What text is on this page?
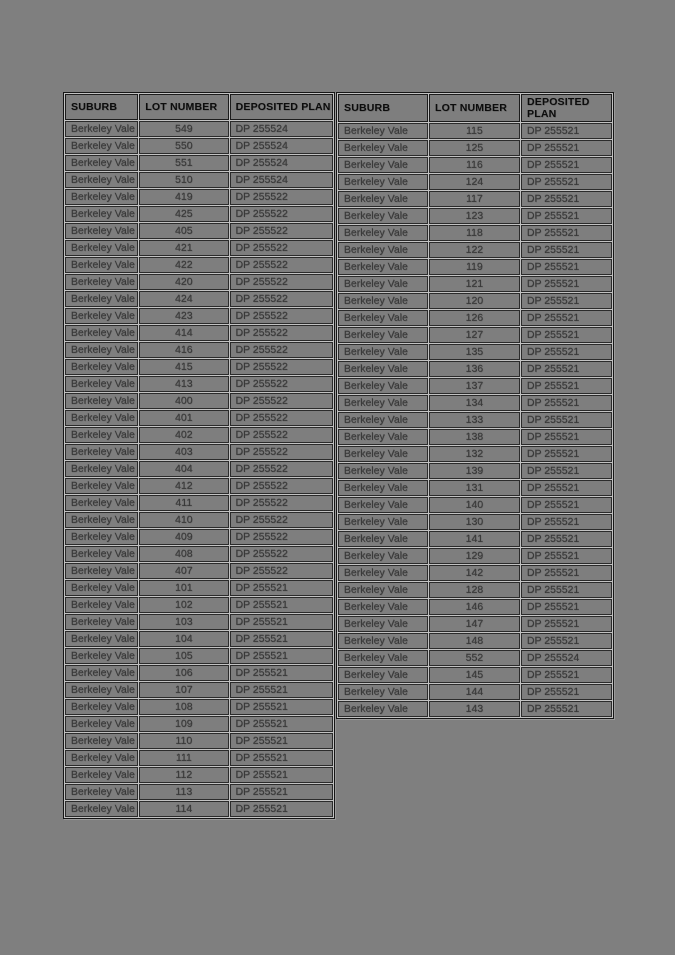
SUBURB	LOT NUMBER	DEPOSITED PLAN
Berkeley Vale	549	DP 255524
Berkeley Vale	550	DP 255524
Berkeley Vale	551	DP 255524
Berkeley Vale	510	DP 255524
Berkeley Vale	419	DP 255522
Berkeley Vale	425	DP 255522
Berkeley Vale	405	DP 255522
Berkeley Vale	421	DP 255522
Berkeley Vale	422	DP 255522
Berkeley Vale	420	DP 255522
Berkeley Vale	424	DP 255522
Berkeley Vale	423	DP 255522
Berkeley Vale	414	DP 255522
Berkeley Vale	416	DP 255522
Berkeley Vale	415	DP 255522
Berkeley Vale	413	DP 255522
Berkeley Vale	400	DP 255522
Berkeley Vale	401	DP 255522
Berkeley Vale	402	DP 255522
Berkeley Vale	403	DP 255522
Berkeley Vale	404	DP 255522
Berkeley Vale	412	DP 255522
Berkeley Vale	411	DP 255522
Berkeley Vale	410	DP 255522
Berkeley Vale	409	DP 255522
Berkeley Vale	408	DP 255522
Berkeley Vale	407	DP 255522
Berkeley Vale	101	DP 255521
Berkeley Vale	102	DP 255521
Berkeley Vale	103	DP 255521
Berkeley Vale	104	DP 255521
Berkeley Vale	105	DP 255521
Berkeley Vale	106	DP 255521
Berkeley Vale	107	DP 255521
Berkeley Vale	108	DP 255521
Berkeley Vale	109	DP 255521
Berkeley Vale	110	DP 255521
Berkeley Vale	111	DP 255521
Berkeley Vale	112	DP 255521
Berkeley Vale	113	DP 255521
Berkeley Vale	114	DP 255521
SUBURB	LOT NUMBER	DEPOSITED PLAN
Berkeley Vale	115	DP 255521
Berkeley Vale	125	DP 255521
Berkeley Vale	116	DP 255521
Berkeley Vale	124	DP 255521
Berkeley Vale	117	DP 255521
Berkeley Vale	123	DP 255521
Berkeley Vale	118	DP 255521
Berkeley Vale	122	DP 255521
Berkeley Vale	119	DP 255521
Berkeley Vale	121	DP 255521
Berkeley Vale	120	DP 255521
Berkeley Vale	126	DP 255521
Berkeley Vale	127	DP 255521
Berkeley Vale	135	DP 255521
Berkeley Vale	136	DP 255521
Berkeley Vale	137	DP 255521
Berkeley Vale	134	DP 255521
Berkeley Vale	133	DP 255521
Berkeley Vale	138	DP 255521
Berkeley Vale	132	DP 255521
Berkeley Vale	139	DP 255521
Berkeley Vale	131	DP 255521
Berkeley Vale	140	DP 255521
Berkeley Vale	130	DP 255521
Berkeley Vale	141	DP 255521
Berkeley Vale	129	DP 255521
Berkeley Vale	142	DP 255521
Berkeley Vale	128	DP 255521
Berkeley Vale	146	DP 255521
Berkeley Vale	147	DP 255521
Berkeley Vale	148	DP 255521
Berkeley Vale	552	DP 255524
Berkeley Vale	145	DP 255521
Berkeley Vale	144	DP 255521
Berkeley Vale	143	DP 255521
